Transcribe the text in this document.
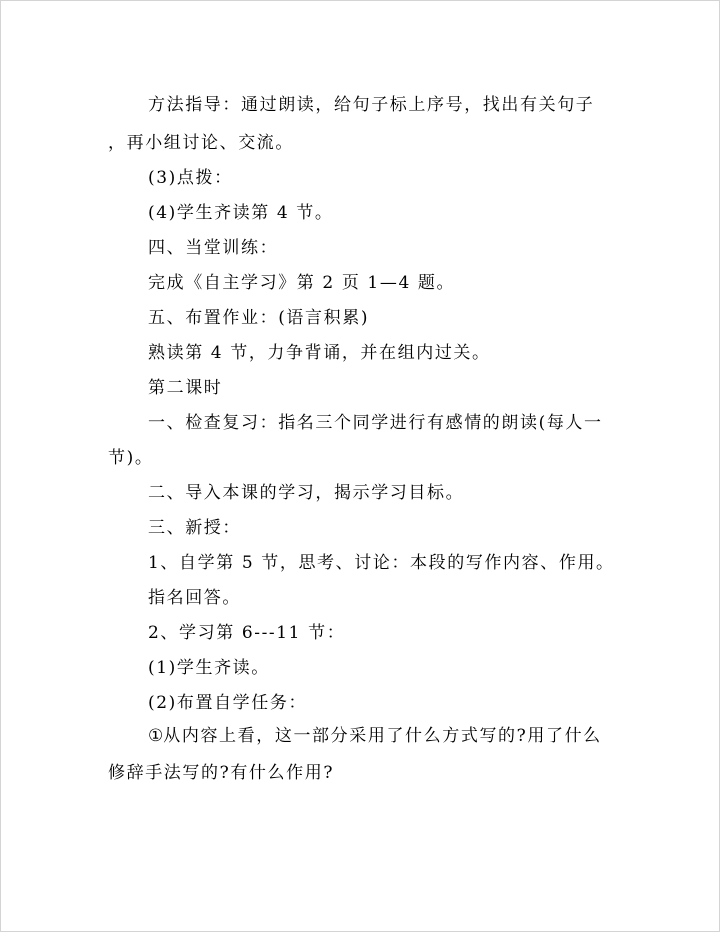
方法指导：通过朗读，给句子标上序号，找出有关句子
，再小组讨论、交流。
(3)点拨：
(4)学生齐读第 4 节。
四、当堂训练：
完成《自主学习》第 2 页 1—4 题。
五、布置作业：(语言积累)
熟读第 4 节，力争背诵，并在组内过关。
第二课时
一、检查复习：指名三个同学进行有感情的朗读(每人一
节)。
二、导入本课的学习，揭示学习目标。
三、新授：
1、自学第 5 节，思考、讨论：本段的写作内容、作用。
指名回答。
2、学习第 6---11 节：
(1)学生齐读。
(2)布置自学任务：
①从内容上看，这一部分采用了什么方式写的?用了什么
修辞手法写的?有什么作用?
